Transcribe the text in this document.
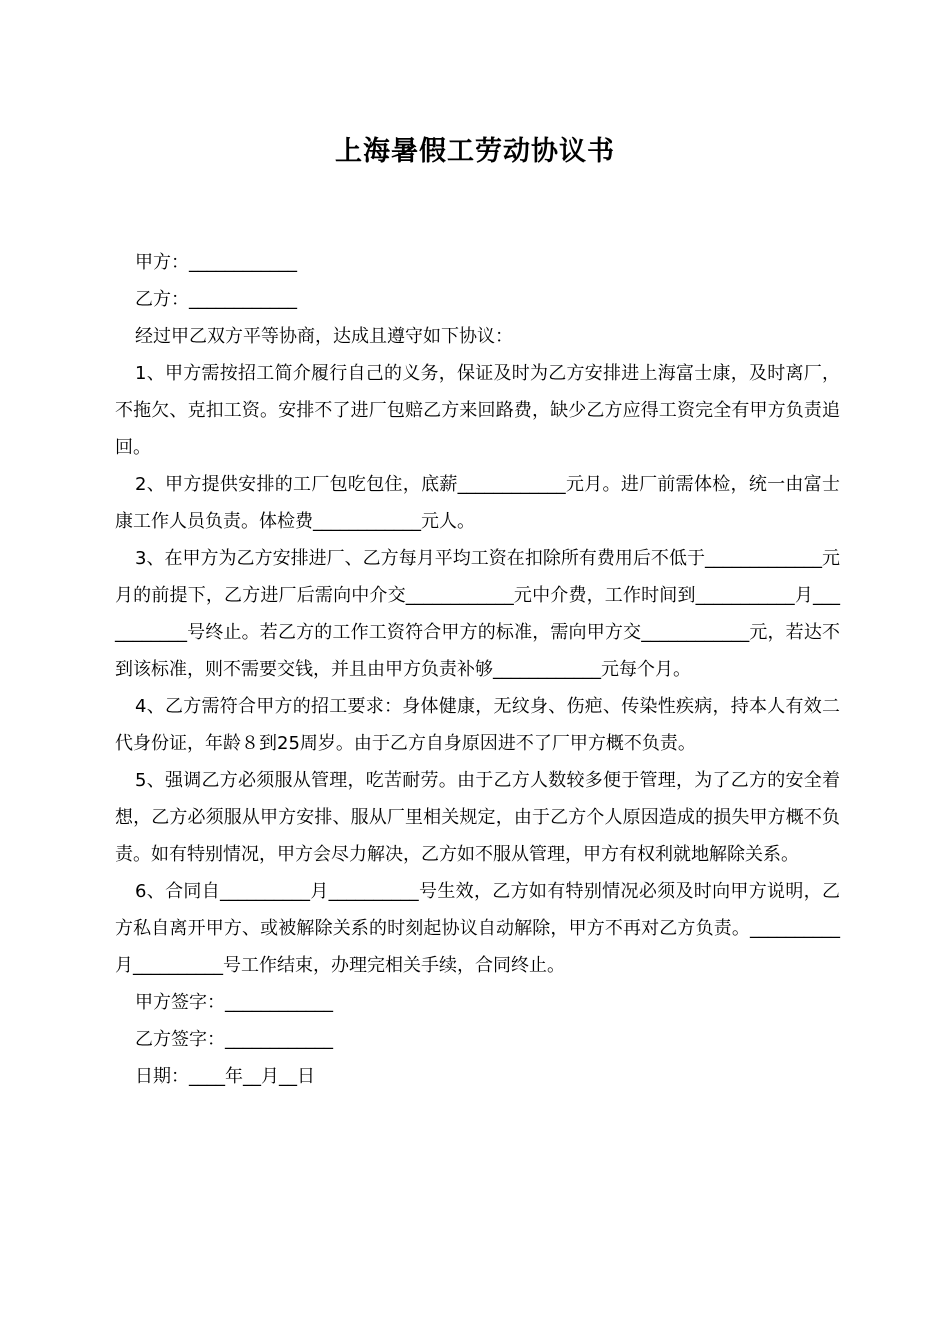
上海暑假工劳动协议书

甲方：____________

乙方：____________

经过甲乙双方平等协商，达成且遵守如下协议：

1、甲方需按招工简介履行自己的义务，保证及时为乙方安排进上海富士康，及时离厂，不拖欠、克扣工资。安排不了进厂包赔乙方来回路费，缺少乙方应得工资完全有甲方负责追回。

2、甲方提供安排的工厂包吃包住，底薪____________元月。进厂前需体检，统一由富士康工作人员负责。体检费____________元人。

3、在甲方为乙方安排进厂、乙方每月平均工资在扣除所有费用后不低于_____________元月的前提下，乙方进厂后需向中介交____________元中介费，工作时间到___________月___________号终止。若乙方的工作工资符合甲方的标准，需向甲方交____________元，若达不到该标准，则不需要交钱，并且由甲方负责补够____________元每个月。

4、乙方需符合甲方的招工要求：身体健康，无纹身、伤疤、传染性疾病，持本人有效二代身份证，年龄８到25周岁。由于乙方自身原因进不了厂甲方概不负责。

5、强调乙方必须服从管理，吃苦耐劳。由于乙方人数较多便于管理，为了乙方的安全着想，乙方必须服从甲方安排、服从厂里相关规定，由于乙方个人原因造成的损失甲方概不负责。如有特别情况，甲方会尽力解决，乙方如不服从管理，甲方有权利就地解除关系。

6、合同自__________月__________号生效，乙方如有特别情况必须及时向甲方说明，乙方私自离开甲方、或被解除关系的时刻起协议自动解除，甲方不再对乙方负责。__________月__________号工作结束，办理完相关手续，合同终止。

甲方签字：____________

乙方签字：____________

日期：____年__月__日
